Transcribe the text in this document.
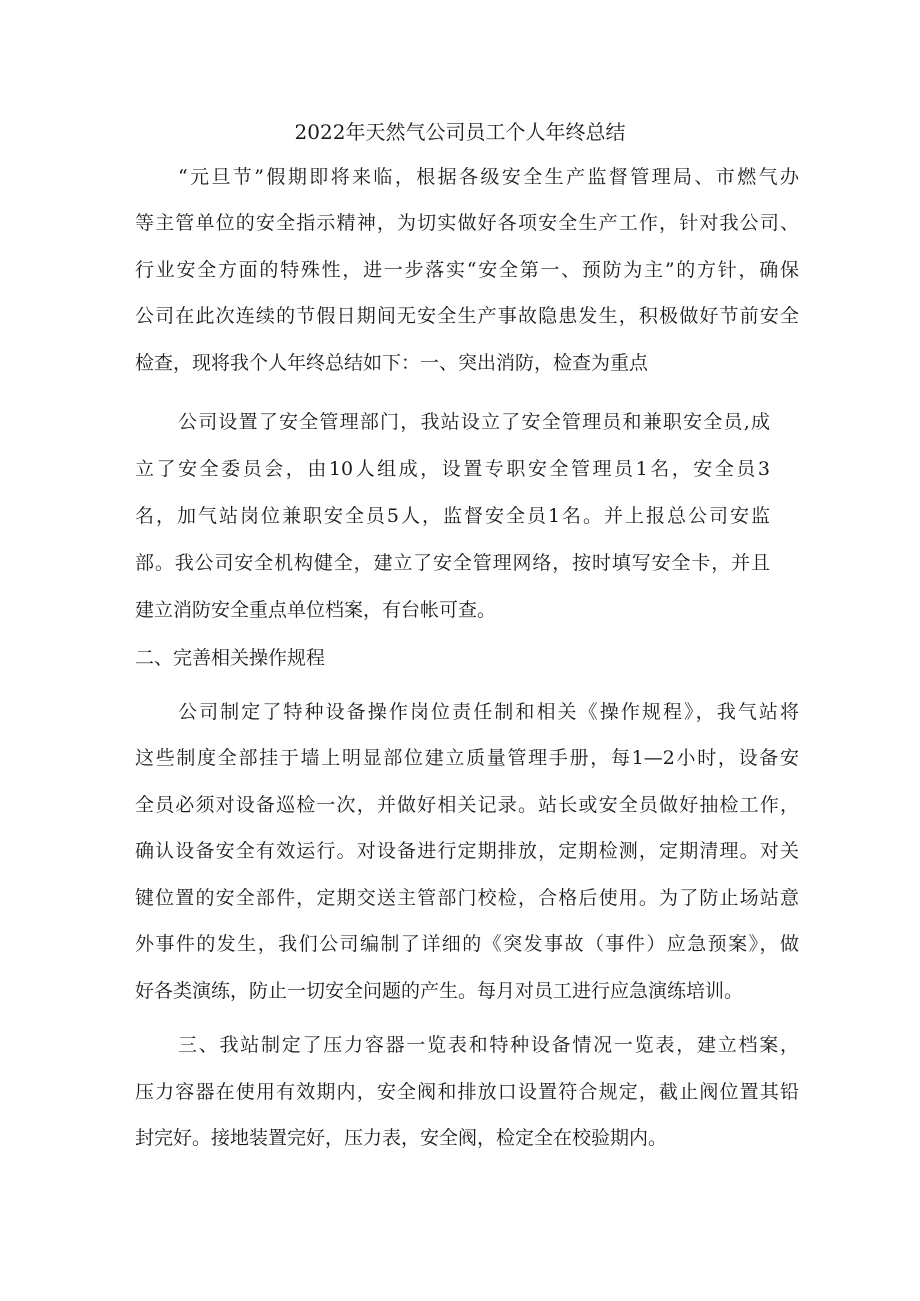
2022年天然气公司员工个人年终总结
“元旦节”假期即将来临，根据各级安全生产监督管理局、市燃气办
等主管单位的安全指示精神，为切实做好各项安全生产工作，针对我公司、
行业安全方面的特殊性，进一步落实“安全第一、预防为主”的方针，确保
公司在此次连续的节假日期间无安全生产事故隐患发生，积极做好节前安全
检查，现将我个人年终总结如下：一、突出消防，检查为重点
公司设置了安全管理部门，我站设立了安全管理员和兼职安全员,成
立了安全委员会，由10人组成，设置专职安全管理员1名，安全员3
名，加气站岗位兼职安全员5人，监督安全员1名。并上报总公司安监
部。我公司安全机构健全，建立了安全管理网络，按时填写安全卡，并且
建立消防安全重点单位档案，有台帐可查。
二、完善相关操作规程
公司制定了特种设备操作岗位责任制和相关《操作规程》，我气站将
这些制度全部挂于墙上明显部位建立质量管理手册，每1—2小时，设备安
全员必须对设备巡检一次，并做好相关记录。站长或安全员做好抽检工作，
确认设备安全有效运行。对设备进行定期排放，定期检测，定期清理。对关
键位置的安全部件，定期交送主管部门校检，合格后使用。为了防止场站意
外事件的发生，我们公司编制了详细的《突发事故（事件）应急预案》，做
好各类演练，防止一切安全问题的产生。每月对员工进行应急演练培训。
三、我站制定了压力容器一览表和特种设备情况一览表，建立档案，
压力容器在使用有效期内，安全阀和排放口设置符合规定，截止阀位置其铅
封完好。接地装置完好，压力表，安全阀，检定全在校验期内。
